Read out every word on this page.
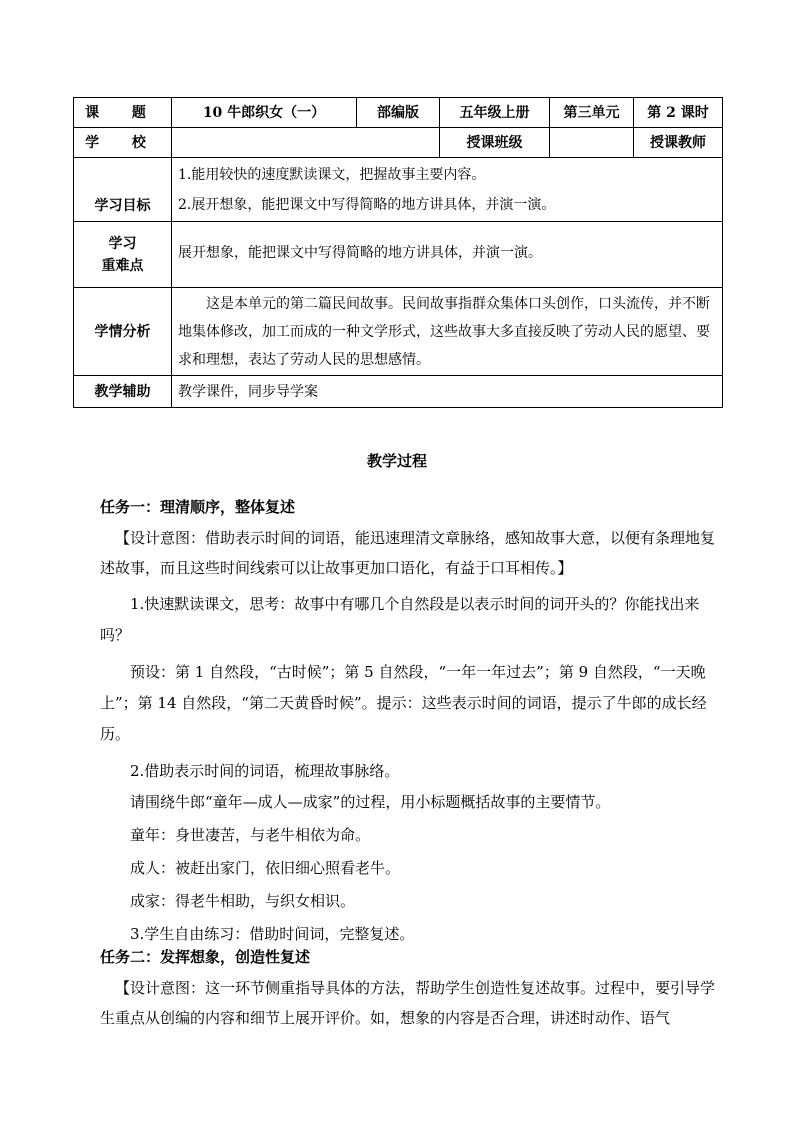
课 题	10 牛郎织女（一）	部编版	五年级上册	第三单元	第 2 课时	
学 校			授课班级		授课教师	
学习目标	1.能用较快的速度默读课文，把握故事主要内容。
2.展开想象，能把课文中写得简略的地方讲具体，并演一演。					

学习
重难点	展开想象，能把课文中写得简略的地方讲具体，并演一演。					
学情分析	这是本单元的第二篇民间故事。民间故事指群众集体口头创作，口头流传，并不断地集体修改，加工而成的一种文学形式，这些故事大多直接反映了劳动人民的愿望、要求和理想，表达了劳动人民的思想感情。					
教学辅助	教学课件，同步导学案					
教学过程

任务一：理清顺序，整体复述

【设计意图：借助表示时间的词语，能迅速理清文章脉络，感知故事大意，以便有条理地复述故事，而且这些时间线索可以让故事更加口语化，有益于口耳相传。】

1.快速默读课文，思考：故事中有哪几个自然段是以表示时间的词开头的？你能找出来吗？

预设：第 1 自然段，“古时候”；第 5 自然段，“一年一年过去”；第 9 自然段，“一天晚上”；第 14 自然段，“第二天黄昏时候”。提示：这些表示时间的词语，提示了牛郎的成长经历。

2.借助表示时间的词语，梳理故事脉络。

请围绕牛郎“童年—成人—成家”的过程，用小标题概括故事的主要情节。

童年：身世凄苦，与老牛相依为命。

成人：被赶出家门，依旧细心照看老牛。

成家：得老牛相助，与织女相识。

3.学生自由练习：借助时间词，完整复述。

任务二：发挥想象，创造性复述

【设计意图：这一环节侧重指导具体的方法，帮助学生创造性复述故事。过程中，要引导学生重点从创编的内容和细节上展开评价。如，想象的内容是否合理，讲述时动作、语气
